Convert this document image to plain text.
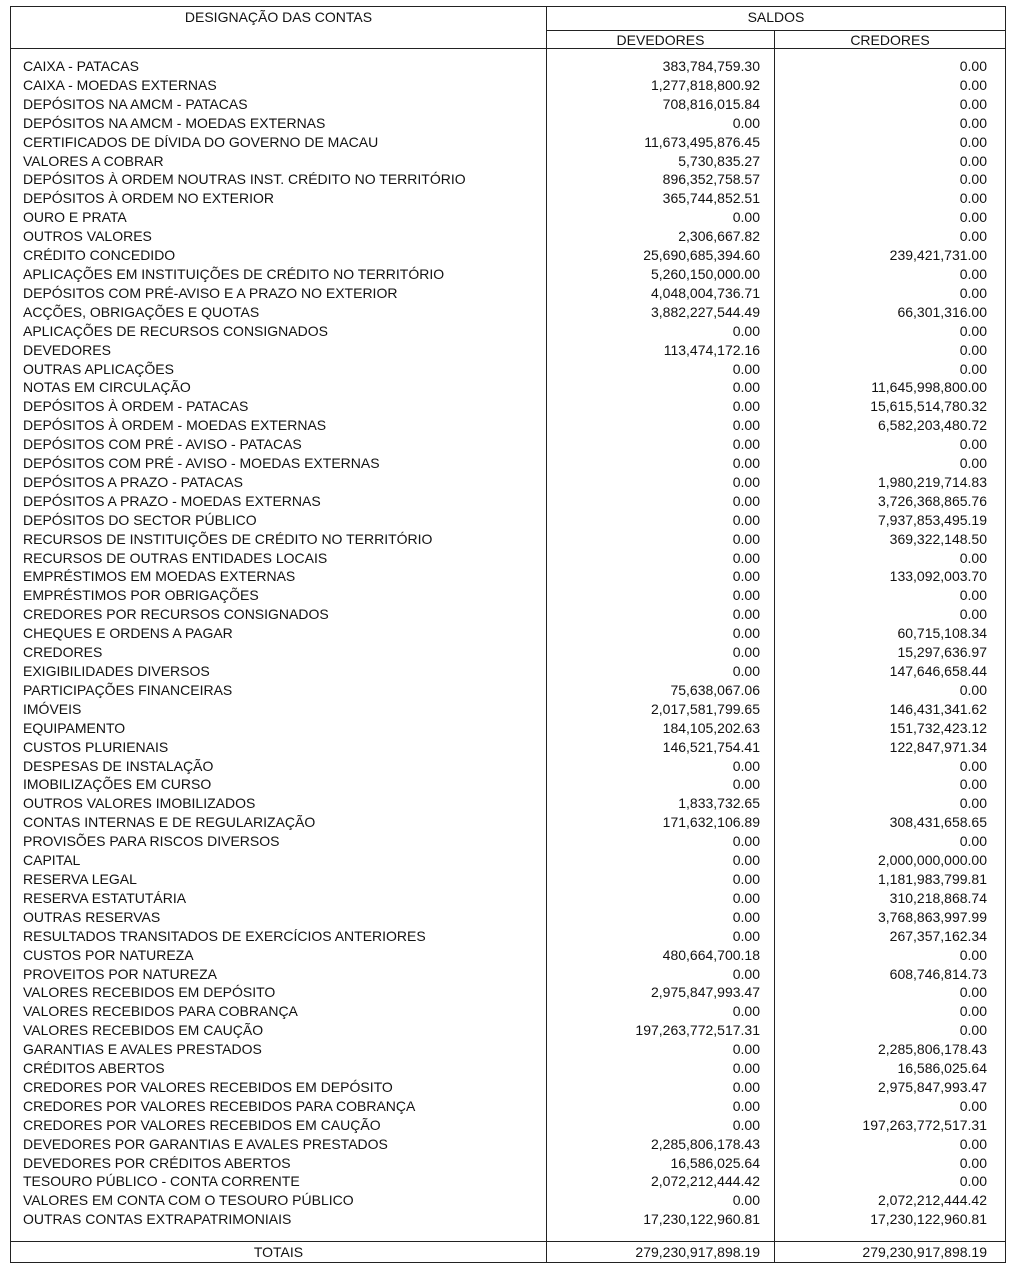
DESIGNAÇÃO DAS CONTAS	SALDOS	
	DEVEDORES	CREDORES
CAIXA - PATACAS	383,784,759.30	0.00
CAIXA - MOEDAS EXTERNAS	1,277,818,800.92	0.00
DEPÓSITOS NA AMCM - PATACAS	708,816,015.84	0.00
DEPÓSITOS NA AMCM - MOEDAS EXTERNAS	0.00	0.00
CERTIFICADOS DE DÍVIDA DO GOVERNO DE MACAU	11,673,495,876.45	0.00
VALORES A COBRAR	5,730,835.27	0.00
DEPÓSITOS À ORDEM NOUTRAS INST. CRÉDITO NO TERRITÓRIO	896,352,758.57	0.00
DEPÓSITOS À ORDEM NO EXTERIOR	365,744,852.51	0.00
OURO E PRATA	0.00	0.00
OUTROS VALORES	2,306,667.82	0.00
CRÉDITO CONCEDIDO	25,690,685,394.60	239,421,731.00
APLICAÇÕES EM INSTITUIÇÕES DE CRÉDITO NO TERRITÓRIO	5,260,150,000.00	0.00
DEPÓSITOS COM PRÉ-AVISO E A PRAZO NO EXTERIOR	4,048,004,736.71	0.00
ACÇÕES, OBRIGAÇÕES E QUOTAS	3,882,227,544.49	66,301,316.00
APLICAÇÕES DE RECURSOS CONSIGNADOS	0.00	0.00
DEVEDORES	113,474,172.16	0.00
OUTRAS APLICAÇÕES	0.00	0.00
NOTAS EM CIRCULAÇÃO	0.00	11,645,998,800.00
DEPÓSITOS À ORDEM - PATACAS	0.00	15,615,514,780.32
DEPÓSITOS À ORDEM - MOEDAS EXTERNAS	0.00	6,582,203,480.72
DEPÓSITOS COM PRÉ - AVISO - PATACAS	0.00	0.00
DEPÓSITOS COM PRÉ - AVISO - MOEDAS EXTERNAS	0.00	0.00
DEPÓSITOS A PRAZO - PATACAS	0.00	1,980,219,714.83
DEPÓSITOS A PRAZO - MOEDAS EXTERNAS	0.00	3,726,368,865.76
DEPÓSITOS DO SECTOR PÚBLICO	0.00	7,937,853,495.19
RECURSOS DE INSTITUIÇÕES DE CRÉDITO NO TERRITÓRIO	0.00	369,322,148.50
RECURSOS DE OUTRAS ENTIDADES LOCAIS	0.00	0.00
EMPRÉSTIMOS EM MOEDAS EXTERNAS	0.00	133,092,003.70
EMPRÉSTIMOS POR OBRIGAÇÕES	0.00	0.00
CREDORES POR RECURSOS CONSIGNADOS	0.00	0.00
CHEQUES E ORDENS A PAGAR	0.00	60,715,108.34
CREDORES	0.00	15,297,636.97
EXIGIBILIDADES DIVERSOS	0.00	147,646,658.44
PARTICIPAÇÕES FINANCEIRAS	75,638,067.06	0.00
IMÓVEIS	2,017,581,799.65	146,431,341.62
EQUIPAMENTO	184,105,202.63	151,732,423.12
CUSTOS PLURIENAIS	146,521,754.41	122,847,971.34
DESPESAS DE INSTALAÇÃO	0.00	0.00
IMOBILIZAÇÕES EM CURSO	0.00	0.00
OUTROS VALORES IMOBILIZADOS	1,833,732.65	0.00
CONTAS INTERNAS E DE REGULARIZAÇÃO	171,632,106.89	308,431,658.65
PROVISÕES PARA RISCOS DIVERSOS	0.00	0.00
CAPITAL	0.00	2,000,000,000.00
RESERVA LEGAL	0.00	1,181,983,799.81
RESERVA ESTATUTÁRIA	0.00	310,218,868.74
OUTRAS RESERVAS	0.00	3,768,863,997.99
RESULTADOS TRANSITADOS DE EXERCÍCIOS ANTERIORES	0.00	267,357,162.34
CUSTOS POR NATUREZA	480,664,700.18	0.00
PROVEITOS POR NATUREZA	0.00	608,746,814.73
VALORES RECEBIDOS EM DEPÓSITO	2,975,847,993.47	0.00
VALORES RECEBIDOS PARA COBRANÇA	0.00	0.00
VALORES RECEBIDOS EM CAUÇÃO	197,263,772,517.31	0.00
GARANTIAS E AVALES PRESTADOS	0.00	2,285,806,178.43
CRÉDITOS ABERTOS	0.00	16,586,025.64
CREDORES POR VALORES RECEBIDOS EM DEPÓSITO	0.00	2,975,847,993.47
CREDORES POR VALORES RECEBIDOS PARA COBRANÇA	0.00	0.00
CREDORES POR VALORES RECEBIDOS EM CAUÇÃO	0.00	197,263,772,517.31
DEVEDORES POR GARANTIAS E AVALES PRESTADOS	2,285,806,178.43	0.00
DEVEDORES POR CRÉDITOS ABERTOS	16,586,025.64	0.00
TESOURO PÚBLICO - CONTA CORRENTE	2,072,212,444.42	0.00
VALORES EM CONTA COM O TESOURO PÚBLICO	0.00	2,072,212,444.42
OUTRAS CONTAS EXTRAPATRIMONIAIS	17,230,122,960.81	17,230,122,960.81

TOTAIS	279,230,917,898.19	279,230,917,898.19
